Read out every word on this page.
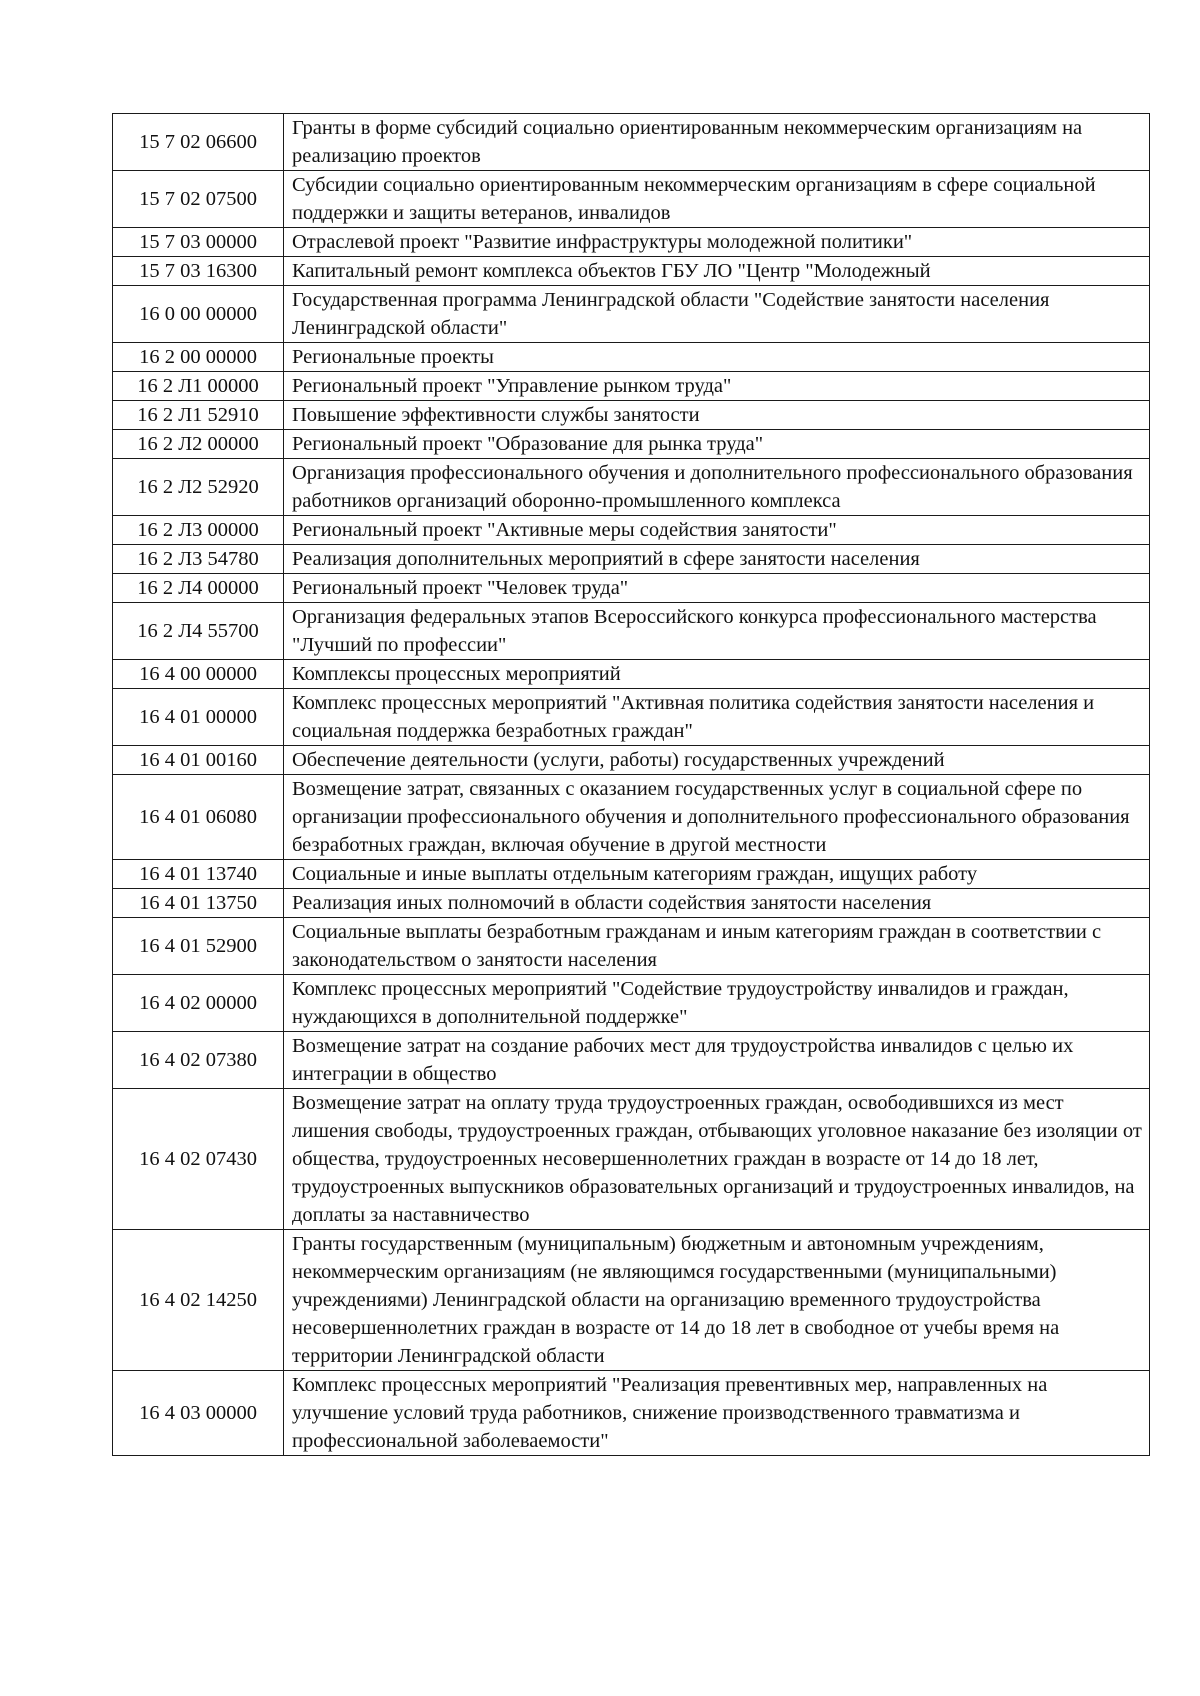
15 7 02 06600	Гранты в форме субсидий социально ориентированным некоммерческим организациям на реализацию проектов
15 7 02 07500	Субсидии социально ориентированным некоммерческим организациям в сфере социальной поддержки и защиты ветеранов, инвалидов
15 7 03 00000	Отраслевой проект "Развитие инфраструктуры молодежной политики"
15 7 03 16300	Капитальный ремонт комплекса объектов ГБУ ЛО "Центр "Молодежный
16 0 00 00000	Государственная программа Ленинградской области "Содействие занятости населения Ленинградской области"
16 2 00 00000	Региональные проекты
16 2 Л1 00000	Региональный проект "Управление рынком труда"
16 2 Л1 52910	Повышение эффективности службы занятости
16 2 Л2 00000	Региональный проект "Образование для рынка труда"
16 2 Л2 52920	Организация профессионального обучения и дополнительного профессионального образования работников организаций оборонно-промышленного комплекса
16 2 Л3 00000	Региональный проект "Активные меры содействия занятости"
16 2 Л3 54780	Реализация дополнительных мероприятий в сфере занятости населения
16 2 Л4 00000	Региональный проект "Человек труда"
16 2 Л4 55700	Организация федеральных этапов Всероссийского конкурса профессионального мастерства "Лучший по профессии"
16 4 00 00000	Комплексы процессных мероприятий
16 4 01 00000	Комплекс процессных мероприятий "Активная политика содействия занятости населения и социальная поддержка безработных граждан"
16 4 01 00160	Обеспечение деятельности (услуги, работы) государственных учреждений
16 4 01 06080	Возмещение затрат, связанных с оказанием государственных услуг в социальной сфере по организации профессионального обучения и дополнительного профессионального образования безработных граждан, включая обучение в другой местности
16 4 01 13740	Социальные и иные выплаты отдельным категориям граждан, ищущих работу
16 4 01 13750	Реализация иных полномочий в области содействия занятости населения
16 4 01 52900	Социальные выплаты безработным гражданам и иным категориям граждан в соответствии с законодательством о занятости населения
16 4 02 00000	Комплекс процессных мероприятий "Содействие трудоустройству инвалидов и граждан, нуждающихся в дополнительной поддержке"
16 4 02 07380	Возмещение затрат на создание рабочих мест для трудоустройства инвалидов с целью их интеграции в общество
16 4 02 07430	Возмещение затрат на оплату труда трудоустроенных граждан, освободившихся из мест лишения свободы, трудоустроенных граждан, отбывающих уголовное наказание без изоляции от общества, трудоустроенных несовершеннолетних граждан в возрасте от 14 до 18 лет, трудоустроенных выпускников образовательных организаций и трудоустроенных инвалидов, на доплаты за наставничество
16 4 02 14250	Гранты государственным (муниципальным) бюджетным и автономным учреждениям, некоммерческим организациям (не являющимся государственными (муниципальными) учреждениями) Ленинградской области на организацию временного трудоустройства несовершеннолетних граждан в возрасте от 14 до 18 лет в свободное от учебы время на территории Ленинградской области
16 4 03 00000	Комплекс процессных мероприятий "Реализация превентивных мер, направленных на улучшение условий труда работников, снижение производственного травматизма и профессиональной заболеваемости"
